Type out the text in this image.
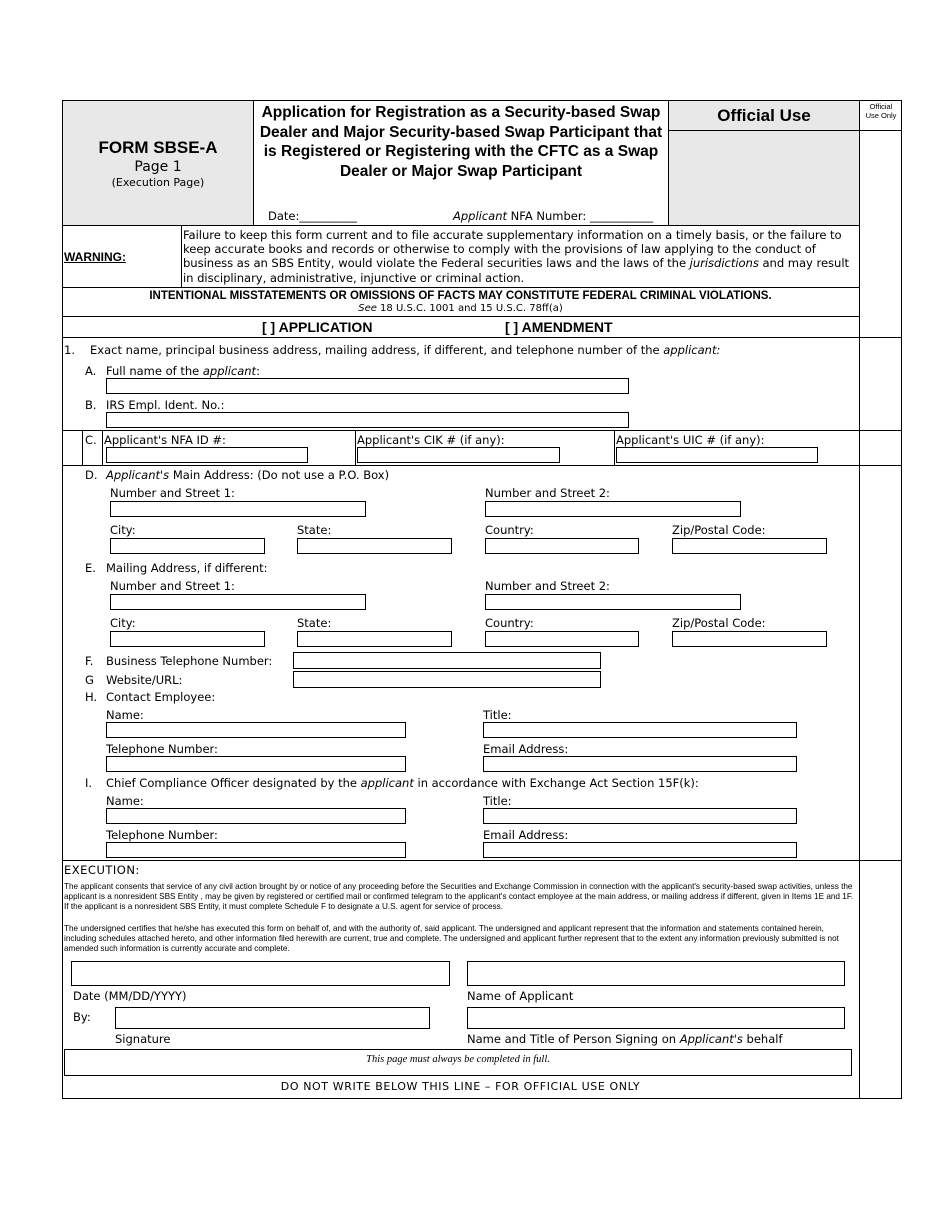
FORM SBSE-A
Page 1
(Execution Page)
Application for Registration as a Security-based Swap Dealer and Major Security-based Swap Participant that is Registered or Registering with the CFTC as a Swap Dealer or Major Swap Participant
Date:__________	Applicant NFA Number: ___________
Official Use	Official Use Only
WARNING:
Failure to keep this form current and to file accurate supplementary information on a timely basis, or the failure to keep accurate books and records or otherwise to comply with the provisions of law applying to the conduct of business as an SBS Entity, would violate the Federal securities laws and the laws of the jurisdictions and may result in disciplinary, administrative, injunctive or criminal action.
INTENTIONAL MISSTATEMENTS OR OMISSIONS OF FACTS MAY CONSTITUTE FEDERAL CRIMINAL VIOLATIONS.
See 18 U.S.C. 1001 and 15 U.S.C. 78ff(a)
[ ] APPLICATION	[ ] AMENDMENT
1. Exact name, principal business address, mailing address, if different, and telephone number of the applicant:
A. Full name of the applicant:
B. IRS Empl. Ident. No.:
C. Applicant's NFA ID #:	Applicant's CIK # (if any):	Applicant's UIC # (if any):
D. Applicant's Main Address: (Do not use a P.O. Box)
Number and Street 1:	Number and Street 2:
City:	State:	Country:	Zip/Postal Code:
E. Mailing Address, if different:
Number and Street 1:	Number and Street 2:
City:	State:	Country:	Zip/Postal Code:
F. Business Telephone Number:
G Website/URL:
H. Contact Employee:
Name:	Title:
Telephone Number:	Email Address:
I. Chief Compliance Officer designated by the applicant in accordance with Exchange Act Section 15F(k):
Name:	Title:
Telephone Number:	Email Address:
EXECUTION:
The applicant consents that service of any civil action brought by or notice of any proceeding before the Securities and Exchange Commission in connection with the applicant's security-based swap activities, unless the applicant is a nonresident SBS Entity , may be given by registered or certified mail or confirmed telegram to the applicant's contact employee at the main address, or mailing address if different, given in Items 1E and 1F. If the applicant is a nonresident SBS Entity, it must complete Schedule F to designate a U.S. agent for service of process.
The undersigned certifies that he/she has executed this form on behalf of, and with the authority of, said applicant. The undersigned and applicant represent that the information and statements contained herein, including schedules attached hereto, and other information filed herewith are current, true and complete. The undersigned and applicant further represent that to the extent any information previously submitted is not amended such information is currently accurate and complete.
Date (MM/DD/YYYY)	Name of Applicant
By:
Signature	Name and Title of Person Signing on Applicant's behalf
This page must always be completed in full.
DO NOT WRITE BELOW THIS LINE – FOR OFFICIAL USE ONLY
